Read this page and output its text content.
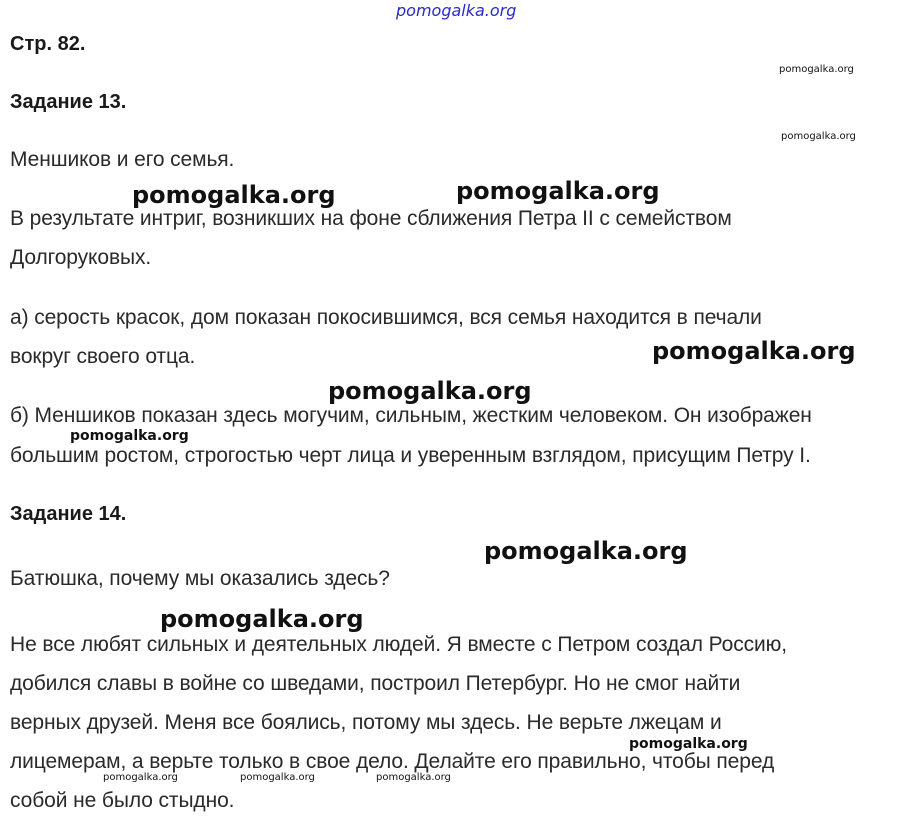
Стр. 82.
Задание 13.
Меншиков и его семья.
В результате интриг, возникших на фоне сближения Петра II с семейством
Долгоруковых.
а) серость красок, дом показан покосившимся, вся семья находится в печали
вокруг своего отца.
б) Меншиков показан здесь могучим, сильным, жестким человеком. Он изображен
большим ростом, строгостью черт лица и уверенным взглядом, присущим Петру I.
Задание 14.
Батюшка, почему мы оказались здесь?
Не все любят сильных и деятельных людей. Я вместе с Петром создал Россию,
добился славы в войне со шведами, построил Петербург. Но не смог найти
верных друзей. Меня все боялись, потому мы здесь. Не верьте лжецам и
лицемерам, а верьте только в свое дело. Делайте его правильно, чтобы перед
собой не было стыдно.
pomogalka.org
pomogalka.org
pomogalka.org
pomogalka.org	pomogalka.org
pomogalka.org
pomogalka.org
pomogalka.org
pomogalka.org
pomogalka.org
pomogalka.org
pomogalka.org	pomogalka.org	pomogalka.org
